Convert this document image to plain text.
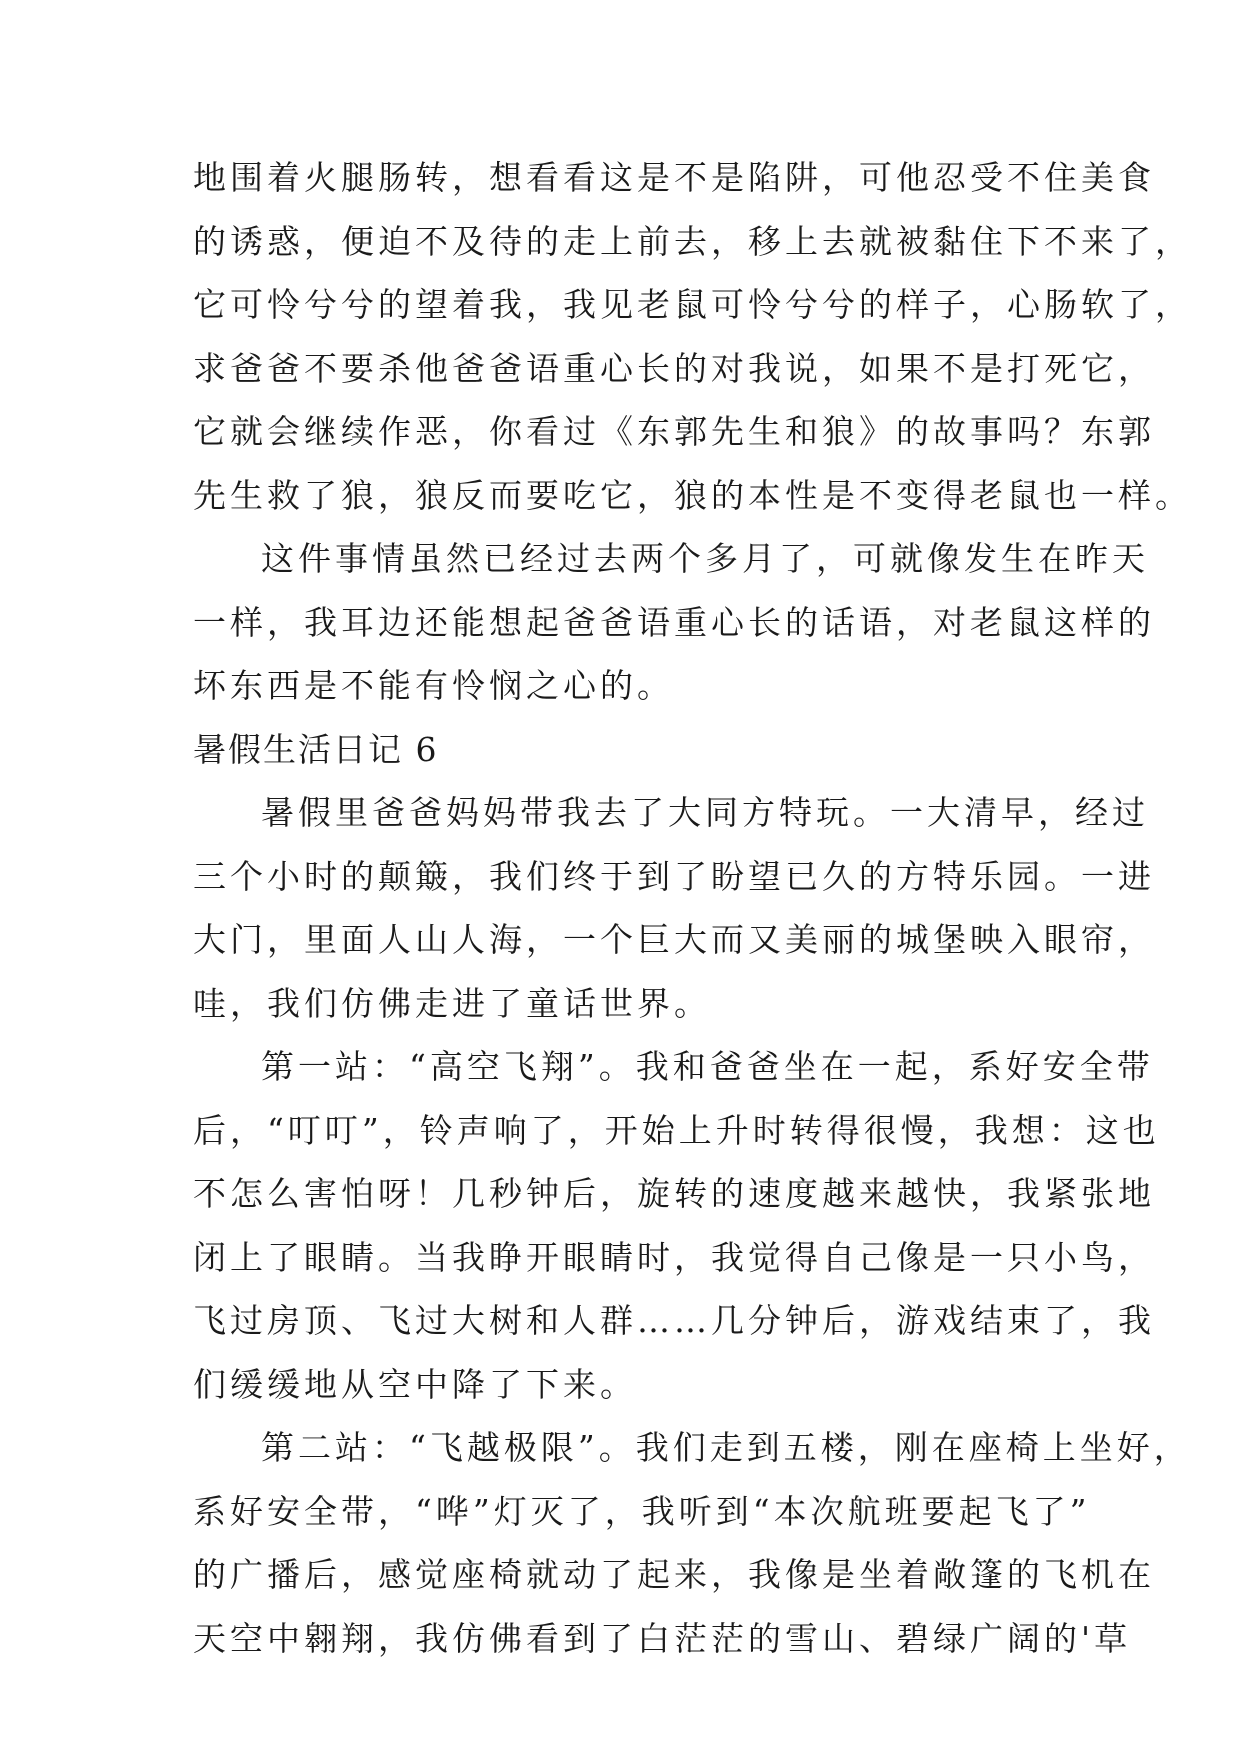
地围着火腿肠转，想看看这是不是陷阱，可他忍受不住美食
的诱惑，便迫不及待的走上前去，移上去就被黏住下不来了，
它可怜兮兮的望着我，我见老鼠可怜兮兮的样子，心肠软了，
求爸爸不要杀他爸爸语重心长的对我说，如果不是打死它，
它就会继续作恶，你看过《东郭先生和狼》的故事吗？东郭
先生救了狼，狼反而要吃它，狼的本性是不变得老鼠也一样。
这件事情虽然已经过去两个多月了，可就像发生在昨天
一样，我耳边还能想起爸爸语重心长的话语，对老鼠这样的
坏东西是不能有怜悯之心的。
暑假生活日记 6
暑假里爸爸妈妈带我去了大同方特玩。一大清早，经过
三个小时的颠簸，我们终于到了盼望已久的方特乐园。一进
大门，里面人山人海，一个巨大而又美丽的城堡映入眼帘，
哇，我们仿佛走进了童话世界。
第一站：“高空飞翔”。我和爸爸坐在一起，系好安全带
后，“叮叮”，铃声响了，开始上升时转得很慢，我想：这也
不怎么害怕呀！几秒钟后，旋转的速度越来越快，我紧张地
闭上了眼睛。当我睁开眼睛时，我觉得自己像是一只小鸟，
飞过房顶、飞过大树和人群……几分钟后，游戏结束了，我
们缓缓地从空中降了下来。
第二站：“飞越极限”。我们走到五楼，刚在座椅上坐好，
系好安全带，“哗”灯灭了，我听到“本次航班要起飞了”
的广播后，感觉座椅就动了起来，我像是坐着敞篷的飞机在
天空中翱翔，我仿佛看到了白茫茫的雪山、碧绿广阔的'草
